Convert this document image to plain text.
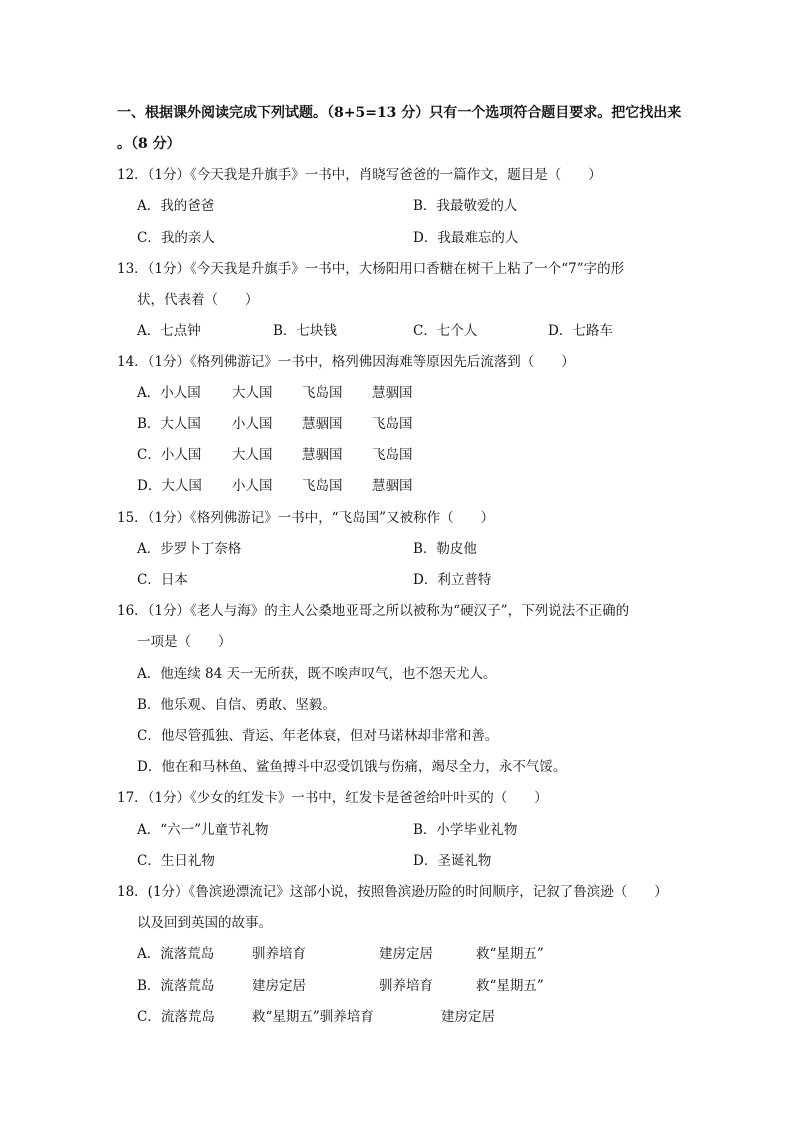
一、根据课外阅读完成下列试题。（8+5=13 分）只有一个选项符合题目要求。把它找出来
。（8 分）
12．（1分）《今天我是升旗手》一书中，肖晓写爸爸的一篇作文，题目是（　　）
A．我的爸爸	B．我最敬爱的人
C．我的亲人	D．我最难忘的人
13．（1分）《今天我是升旗手》一书中，大杨阳用口香糖在树干上粘了一个“7”字的形
状，代表着（　　）
A．七点钟	B．七块钱	C．七个人	D．七路车
14．（1分）《格列佛游记》一书中，格列佛因海难等原因先后流落到（　　）
A．小人国 大人国 飞岛国 慧骃国
B．大人国 小人国 慧骃国 飞岛国
C．小人国 大人国 慧骃国 飞岛国
D．大人国 小人国 飞岛国 慧骃国
15．（1分）《格列佛游记》一书中，“飞岛国”又被称作（　　）
A．步罗卜丁奈格	B．勒皮他
C．日本	D．利立普特
16．（1分）《老人与海》的主人公桑地亚哥之所以被称为“硬汉子”，下列说法不正确的
一项是（　　）
A．他连续 84 天一无所获，既不唉声叹气，也不怨天尤人。
B．他乐观、自信、勇敢、坚毅。
C．他尽管孤独、背运、年老体衰，但对马诺林却非常和善。
D．他在和马林鱼、鲨鱼搏斗中忍受饥饿与伤痛，竭尽全力，永不气馁。
17．（1分）《少女的红发卡》一书中，红发卡是爸爸给叶叶买的（　　）
A．“六一”儿童节礼物	B．小学毕业礼物
C．生日礼物	D．圣诞礼物
18．(1分）《鲁滨逊漂流记》这部小说，按照鲁滨逊历险的时间顺序，记叙了鲁滨逊（　　）
以及回到英国的故事。
A．流落荒岛	驯养培育	建房定居	救“星期五”
B．流落荒岛	建房定居	驯养培育	救“星期五”
C．流落荒岛	救“星期五”驯养培育	建房定居
